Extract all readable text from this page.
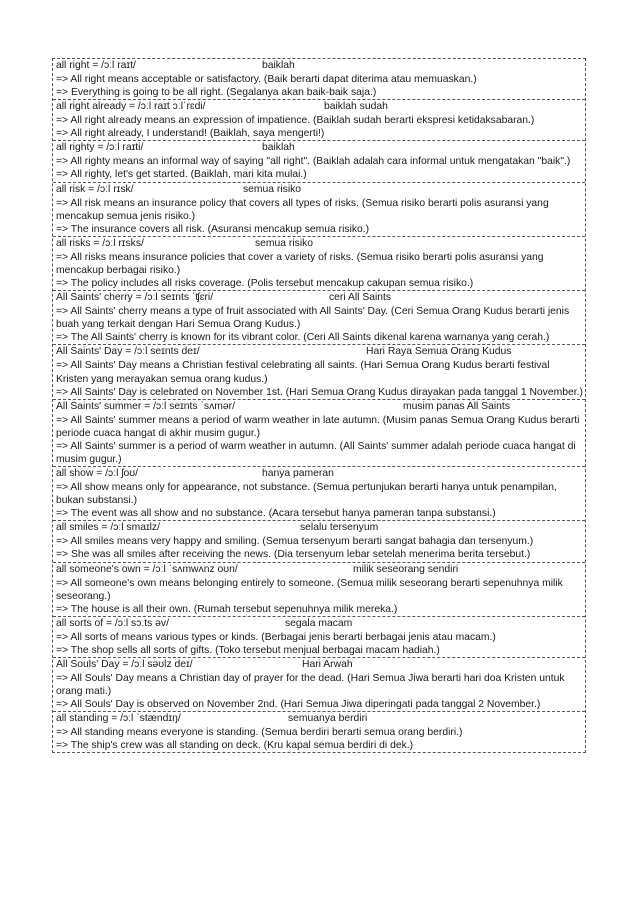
all right = /ɔːl raɪt/	baiklah
=> All right means acceptable or satisfactory. (Baik berarti dapat diterima atau memuaskan.)
=> Everything is going to be all right. (Segalanya akan baik-baik saja.)
all right already = /ɔːl raɪt ɔːlˈrɛdi/	baiklah sudah
=> All right already means an expression of impatience. (Baiklah sudah berarti ekspresi ketidaksabaran.)
=> All right already, I understand! (Baiklah, saya mengerti!)
all righty = /ɔːl raɪti/	baiklah
=> All righty means an informal way of saying "all right". (Baiklah adalah cara informal untuk mengatakan "baik".)
=> All righty, let's get started. (Baiklah, mari kita mulai.)
all risk = /ɔːl rɪsk/	semua risiko
=> All risk means an insurance policy that covers all types of risks. (Semua risiko berarti polis asuransi yang mencakup semua jenis risiko.)
=> The insurance covers all risk. (Asuransi mencakup semua risiko.)
all risks = /ɔːl rɪsks/	semua risiko
=> All risks means insurance policies that cover a variety of risks. (Semua risiko berarti polis asuransi yang mencakup berbagai risiko.)
=> The policy includes all risks coverage. (Polis tersebut mencakup cakupan semua risiko.)
All Saints' cherry = /ɔːl seɪnts ˈʧɛri/	ceri All Saints
=> All Saints' cherry means a type of fruit associated with All Saints' Day. (Ceri Semua Orang Kudus berarti jenis buah yang terkait dengan Hari Semua Orang Kudus.)
=> The All Saints' cherry is known for its vibrant color. (Ceri All Saints dikenal karena warnanya yang cerah.)
All Saints' Day = /ɔːl seɪnts deɪ/	Hari Raya Semua Orang Kudus
=> All Saints' Day means a Christian festival celebrating all saints. (Hari Semua Orang Kudus berarti festival Kristen yang merayakan semua orang kudus.)
=> All Saints' Day is celebrated on November 1st. (Hari Semua Orang Kudus dirayakan pada tanggal 1 November.)
All Saints' summer = /ɔːl seɪnts ˈsʌmər/	musim panas All Saints
=> All Saints' summer means a period of warm weather in late autumn. (Musim panas Semua Orang Kudus berarti periode cuaca hangat di akhir musim gugur.)
=> All Saints' summer is a period of warm weather in autumn. (All Saints' summer adalah periode cuaca hangat di musim gugur.)
all show = /ɔːl ʃoʊ/	hanya pameran
=> All show means only for appearance, not substance. (Semua pertunjukan berarti hanya untuk penampilan, bukan substansi.)
=> The event was all show and no substance. (Acara tersebut hanya pameran tanpa substansi.)
all smiles = /ɔːl smaɪlz/	selalu tersenyum
=> All smiles means very happy and smiling. (Semua tersenyum berarti sangat bahagia dan tersenyum.)
=> She was all smiles after receiving the news. (Dia tersenyum lebar setelah menerima berita tersebut.)
all someone's own = /ɔːl ˈsʌmwʌnz oʊn/	milik seseorang sendiri
=> All someone's own means belonging entirely to someone. (Semua milik seseorang berarti sepenuhnya milik seseorang.)
=> The house is all their own. (Rumah tersebut sepenuhnya milik mereka.)
all sorts of = /ɔːl sɔːts əv/	segala macam
=> All sorts of means various types or kinds. (Berbagai jenis berarti berbagai jenis atau macam.)
=> The shop sells all sorts of gifts. (Toko tersebut menjual berbagai macam hadiah.)
All Souls' Day = /ɔːl səʊlz deɪ/	Hari Arwah
=> All Souls' Day means a Christian day of prayer for the dead. (Hari Semua Jiwa berarti hari doa Kristen untuk orang mati.)
=> All Souls' Day is observed on November 2nd. (Hari Semua Jiwa diperingati pada tanggal 2 November.)
all standing = /ɔːl ˈstændɪŋ/	semuanya berdiri
=> All standing means everyone is standing. (Semua berdiri berarti semua orang berdiri.)
=> The ship's crew was all standing on deck. (Kru kapal semua berdiri di dek.)
